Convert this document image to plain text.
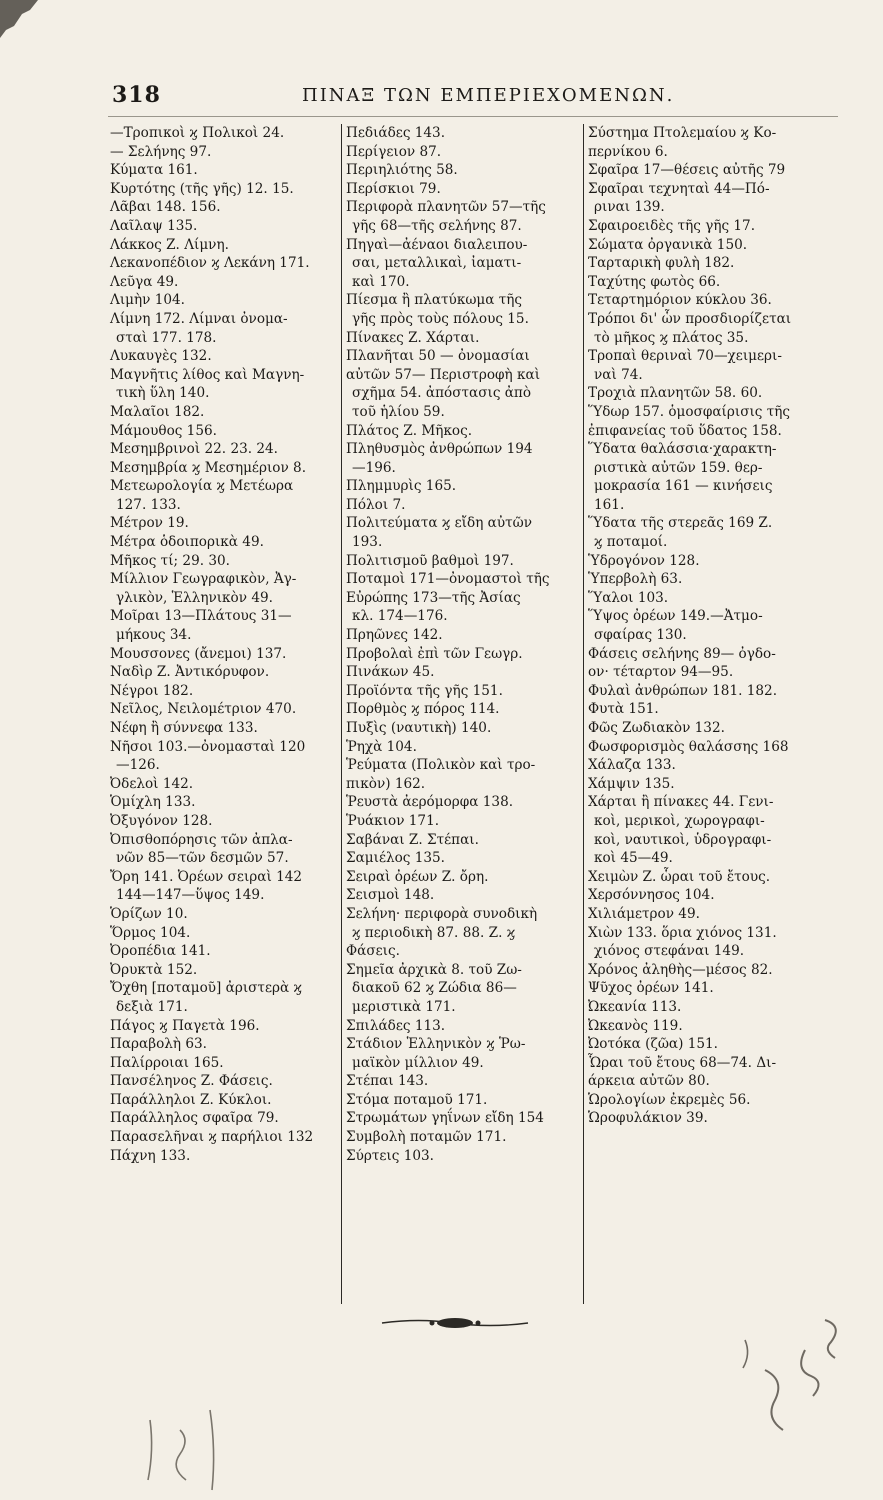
318	ΠΙΝΑΞ ΤΩΝ ΕΜΠΕΡΙΕΧΟΜΕΝΩΝ.

—Τροπικοὶ ϗ Πολικοὶ 24.

— Σελήνης 97.

Κύματα 161.

Κυρτότης (τῆς γῆς) 12. 15.

Λᾶβαι 148. 156.

Λαῖλαψ 135.

Λάκκος Ζ. Λίμνη.

Λεκανοπέδιον ϗ Λεκάνη 171.

Λεῦγα 49.

Λιμὴν 104.

Λίμνη 172. Λίμναι ὀνομα-

σταὶ 177. 178.

Λυκαυγὲς 132.

Μαγνῆτις λίθος καὶ Μαγνη-

τικὴ ὕλη 140.

Μαλαῖοι 182.

Μάμουθος 156.

Μεσημβρινοὶ 22. 23. 24.

Μεσημβρία ϗ Μεσημέριον 8.

Μετεωρολογία ϗ Μετέωρα

127. 133.

Μέτρον 19.

Μέτρα ὁδοιπορικὰ 49.

Μῆκος τί; 29. 30.

Μίλλιον Γεωγραφικὸν, Ἀγ-

γλικὸν, Ἑλληνικὸν 49.

Μοῖραι 13—Πλάτους 31—

μήκους 34.

Μουσσονες (ἄνεμοι) 137.

Ναδὶρ Ζ. Ἀντικόρυφον.

Νέγροι 182.

Νεῖλος, Νειλομέτριον 470.

Νέφη ἢ σύννεφα 133.

Νῆσοι 103.—ὀνομασταὶ 120

—126.

Ὀδελοὶ 142.

Ὁμίχλη 133.

Ὀξυγόνον 128.

Ὀπισθοπόρησις τῶν ἀπλα-

νῶν 85—τῶν δεσμῶν 57.

Ὄρη 141. Ὀρέων σειραὶ 142

144—147—ὕψος 149.

Ὁρίζων 10.

Ὅρμος 104.

Ὀροπέδια 141.

Ὀρυκτὰ 152.

Ὄχθη [ποταμοῦ] ἀριστερὰ ϗ

δεξιὰ 171.

Πάγος ϗ Παγετὰ 196.

Παραβολὴ 63.

Παλίρροιαι 165.

Πανσέληνος Ζ. Φάσεις.

Παράλληλοι Ζ. Κύκλοι.

Παράλληλος σφαῖρα 79.

Παρασελῆναι ϗ παρήλιοι 132

Πάχνη 133.

Πεδιάδες 143.

Περίγειον 87.

Περιηλιότης 58.

Περίσκιοι 79.

Περιφορὰ πλανητῶν 57—τῆς

γῆς 68—τῆς σελήνης 87.

Πηγαὶ—ἀέναοι διαλειπου-

σαι, μεταλλικαὶ, ἰαματι-

καὶ 170.

Πίεσμα ἢ πλατύκωμα τῆς

γῆς πρὸς τοὺς πόλους 15.

Πίνακες Ζ. Χάρται.

Πλανῆται 50 — ὀνομασίαι

αὐτῶν 57— Περιστροφὴ καὶ

σχῆμα 54. ἀπόστασις ἀπὸ

τοῦ ἡλίου 59.

Πλάτος Ζ. Μῆκος.

Πληθυσμὸς ἀνθρώπων 194

—196.

Πλημμυρὶς 165.

Πόλοι 7.

Πολιτεύματα ϗ εἴδη αὐτῶν

193.

Πολιτισμοῦ βαθμοὶ 197.

Ποταμοὶ 171—ὀνομαστοὶ τῆς

Εὐρώπης 173—τῆς Ἀσίας

κλ. 174—176.

Πρηῶνες 142.

Προβολαὶ ἐπὶ τῶν Γεωγρ.

Πινάκων 45.

Προϊόντα τῆς γῆς 151.

Πορθμὸς ϗ πόρος 114.

Πυξὶς (ναυτικὴ) 140.

Ῥηχὰ 104.

Ῥεύματα (Πολικὸν καὶ τρο-

πικὸν) 162.

Ῥευστὰ ἀερόμορφα 138.

Ῥυάκιον 171.

Σαβάναι Ζ. Στέπαι.

Σαμιέλος 135.

Σειραὶ ὀρέων Ζ. ὄρη.

Σεισμοὶ 148.

Σελήνη· περιφορὰ συνοδικὴ

ϗ περιοδικὴ 87. 88. Ζ. ϗ

Φάσεις.

Σημεῖα ἀρχικὰ 8. τοῦ Ζω-

διακοῦ 62 ϗ Ζώδια 86—

μεριστικὰ 171.

Σπιλάδες 113.

Στάδιον Ἑλληνικὸν ϗ Ῥω-

μαϊκὸν μίλλιον 49.

Στέπαι 143.

Στόμα ποταμοῦ 171.

Στρωμάτων γηΐνων εἴδη 154

Συμβολὴ ποταμῶν 171.

Σύρτεις 103.

Σύστημα Πτολεμαίου ϗ Κο-

περνίκου 6.

Σφαῖρα 17—θέσεις αὐτῆς 79

Σφαῖραι τεχνηταὶ 44—Πό-

ριναι 139.

Σφαιροειδὲς τῆς γῆς 17.

Σώματα ὀργανικὰ 150.

Ταρταρικὴ φυλὴ 182.

Ταχύτης φωτὸς 66.

Τεταρτημόριον κύκλου 36.

Τρόποι δι' ὧν προσδιορίζεται

τὸ μῆκος ϗ πλάτος 35.

Τροπαὶ θεριναὶ 70—χειμερι-

ναὶ 74.

Τροχιὰ πλανητῶν 58. 60.

Ὕδωρ 157. ὁμοσφαίρισις τῆς

ἐπιφανείας τοῦ ὕδατος 158.

Ὕδατα θαλάσσια·χαρακτη-

ριστικὰ αὐτῶν 159. θερ-

μοκρασία 161 — κινήσεις

161.

Ὕδατα τῆς στερεᾶς 169 Ζ.

ϗ ποταμοί.

Ὑδρογόνον 128.

Ὑπερβολὴ 63.

Ὕαλοι 103.

Ὕψος ὀρέων 149.—Ἀτμο-

σφαίρας 130.

Φάσεις σελήνης 89— ὀγδο-

ον· τέταρτον 94—95.

Φυλαὶ ἀνθρώπων 181. 182.

Φυτὰ 151.

Φῶς Ζωδιακὸν 132.

Φωσφορισμὸς θαλάσσης 168

Χάλαζα 133.

Χάμψιν 135.

Χάρται ἢ πίνακες 44. Γενι-

κοὶ, μερικοὶ, χωρογραφι-

κοὶ, ναυτικοὶ, ὑδρογραφι-

κοὶ 45—49.

Χειμὼν Ζ. ὧραι τοῦ ἔτους.

Χερσόννησος 104.

Χιλιάμετρον 49.

Χιὼν 133. ὅρια χιόνος 131.

χιόνος στεφάναι 149.

Χρόνος ἀληθὴς—μέσος 82.

Ψῦχος ὀρέων 141.

Ὠκεανία 113.

Ὠκεανὸς 119.

Ὠοτόκα (ζῶα) 151.

Ὧραι τοῦ ἔτους 68—74. Δι-

άρκεια αὐτῶν 80.

Ὡρολογίων ἐκρεμὲς 56.

Ὡροφυλάκιον 39.
